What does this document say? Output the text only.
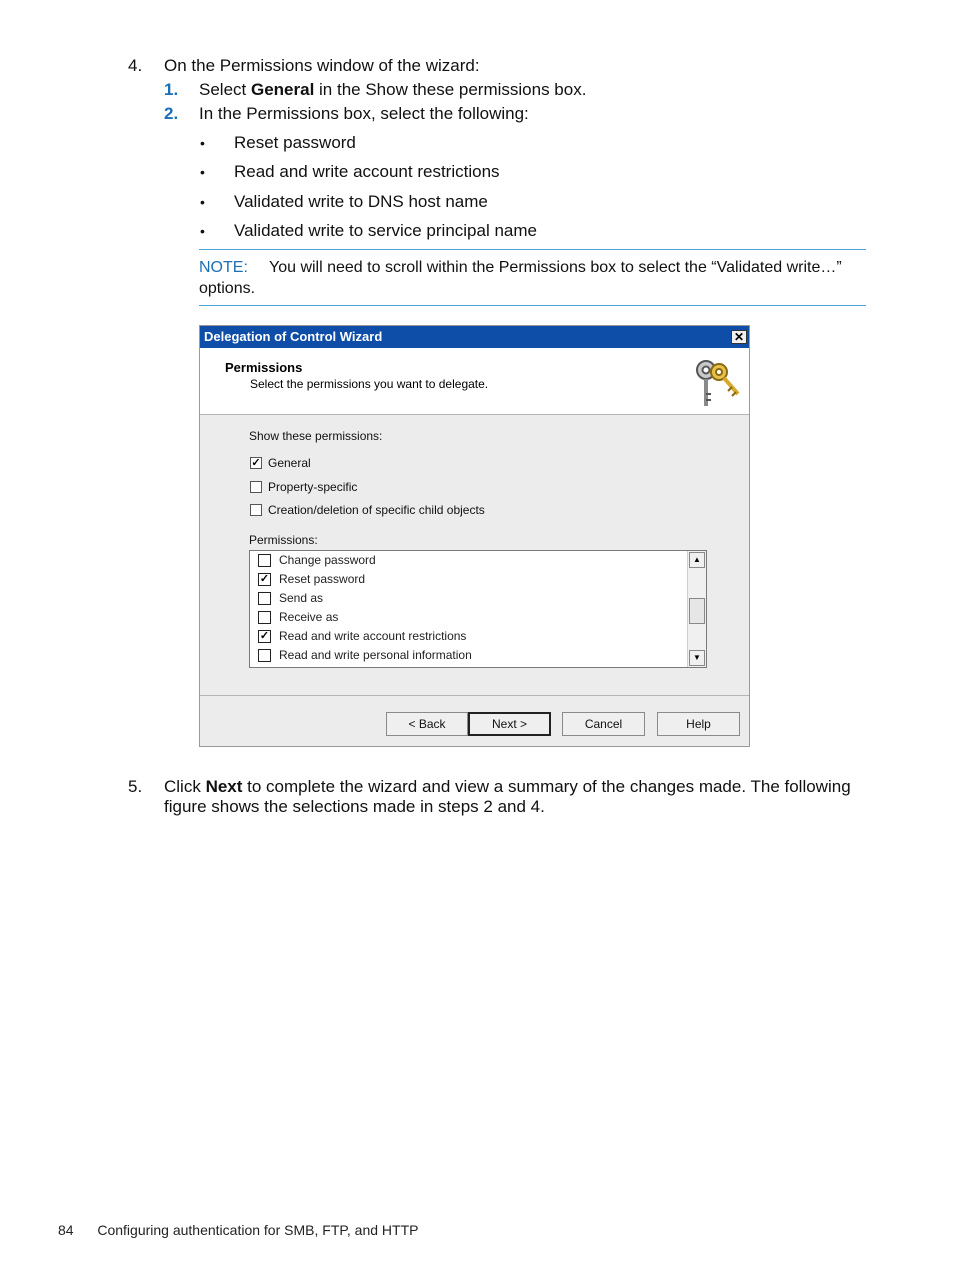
4. On the Permissions window of the wizard:
1. Select General in the Show these permissions box.
2. In the Permissions box, select the following:
• Reset password
• Read and write account restrictions
• Validated write to DNS host name
• Validated write to service principal name
NOTE: You will need to scroll within the Permissions box to select the “Validated write…”
options.
Delegation of Control Wizard	✕
Permissions
Select the permissions you want to delegate.
Show these permissions:
✓ General
Property-specific
Creation/deletion of specific child objects
Permissions:
Change password
✓ Reset password
Send as
Receive as
✓ Read and write account restrictions
Read and write personal information
▲
▼
< Back	Next >	Cancel	Help
5. Click Next to complete the wizard and view a summary of the changes made. The following
figure shows the selections made in steps 2 and 4.
84 Configuring authentication for SMB, FTP, and HTTP
